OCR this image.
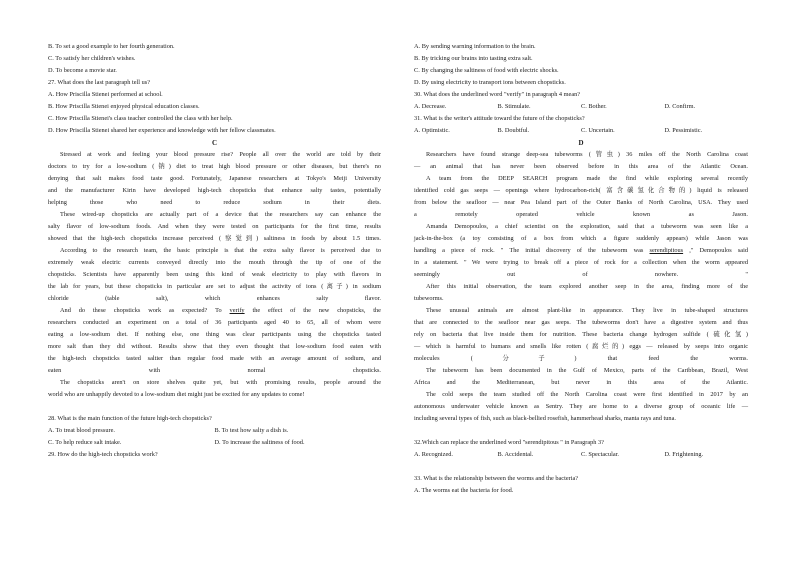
B. To set a good example to her fourth generation.
C. To satisfy her children's wishes.
D. To become a movie star.
27. What does the last paragraph tell us?
A. How Priscilla Stienei performed at school.
B. How Priscilla Stienei enjoyed physical education classes.
C. How Priscilla Stienei's class teacher controlled the class with her help.
D. How Priscilla Stienei shared her experience and knowledge with her fellow classmates.
C
Stressed at work and feeling your blood pressure rise? People all over the world are told by their
doctors to try for a low-sodium (钠) diet to treat high blood pressure or other diseases, but there's no
denying that salt makes food taste good. Fortunately, Japanese researchers at Tokyo's Meiji University
and the manufacturer Kirin have developed high-tech chopsticks that enhance salty tastes, potentially
helping those who need to reduce sodium in their diets.
These wired-up chopsticks are actually part of a device that the researchers say can enhance the
salty flavor of low-sodium foods. And when they were tested on participants for the first time, results
showed that the high-tech chopsticks increase perceived (察觉到) saltiness in foods by about 1.5 times.
According to the research team, the basic principle is that the extra salty flavor is perceived due to
extremely weak electric currents conveyed directly into the mouth through the tip of one of the
chopsticks. Scientists have apparently been using this kind of weak electricity to play with flavors in
the lab for years, but these chopsticks in particular are set to adjust the activity of ions (离子) in sodium
chloride (table salt), which enhances salty flavor.
And do these chopsticks work as expected? To verify the effect of the new chopsticks, the
researchers conducted an experiment on a total of 36 participants aged 40 to 65, all of whom were
eating a low-sodium diet. If nothing else, one thing was clear participants using the chopsticks tasted
more salt than they did without. Results show that they even thought that low-sodium food eaten with
the high-tech chopsticks tasted saltier than regular food made with an average amount of sodium, and
eaten with normal chopsticks.
The chopsticks aren't on store shelves quite yet, but with promising results, people around the
world who are unhappily devoted to a low-sodium diet might just be excited for any updates to come!
28. What is the main function of the future high-tech chopsticks?
A. To treat blood pressure.	B. To test how salty a dish is.
C. To help reduce salt intake.	D. To increase the saltiness of food.
29. How do the high-tech chopsticks work?
A. By sending warning information to the brain.
B. By tricking our brains into tasting extra salt.
C. By changing the saltiness of food with electric shocks.
D. By using electricity to transport ions between chopsticks.
30. What does the underlined word "verify" in paragraph 4 mean?
A. Decrease.	B. Stimulate.	C. Bother.	D. Confirm.
31. What is the writer's attitude toward the future of the chopsticks?
A. Optimistic.	B. Doubtful.	C. Uncertain.	D. Pessimistic.
D
Researchers have found strange deep-sea tubeworms (管虫) 36 miles off the North Carolina coast
— an animal that has never been observed before in this area of the Atlantic Ocean.
A team from the DEEP SEARCH program made the find while exploring several recently
identified cold gas seeps — openings where hydrocarbon-rich( 富含碳氢化合物的) liquid is released
from below the seafloor — near Pea Island part of the Outer Banks of North Carolina, USA. They used
a remotely operated vehicle known as Jason.
Amanda Demopoulos, a chief scientist on the exploration, said that a tubeworm was seen like a
jack-in-the-box (a toy consisting of a box from which a figure suddenly appears) while Jason was
handling a piece of rock. " The initial discovery of the tubeworm was serendipitous ," Demopoulos said
in a statement. " We were trying to break off a piece of rock for a collection when the worm appeared
seemingly out of nowhere. "
After this initial observation, the team explored another seep in the area, finding more of the
tubeworms.
These unusual animals are almost plant-like in appearance. They live in tube-shaped structures
that are connected to the seafloor near gas seeps. The tubeworms don't have a digestive system and thus
rely on bacteria that live inside them for nutrition. These bacteria change hydrogen sulfide (硫化氢)
— which is harmful to humans and smells like rotten (腐烂的) eggs — released by seeps into organic
molecules (分子) that feed the worms.
The tubeworm has been documented in the Gulf of Mexico, parts of the Caribbean, Brazil, West
Africa and the Mediterranean, but never in this area of the Atlantic.
The cold seeps the team studied off the North Carolina coast were first identified in 2017 by an
autonomous underwater vehicle known as Sentry. They are home to a diverse group of oceanic life —
including several types of fish, such as black-bellied rosefish, hammerhead sharks, manta rays and tuna.
32.Which can replace the underlined word "serendipitous " in Paragraph 3?
A. Recognized.	B. Accidental.	C. Spectacular.	D. Frightening.
33. What is the relationship between the worms and the bacteria?
A. The worms eat the bacteria for food.
